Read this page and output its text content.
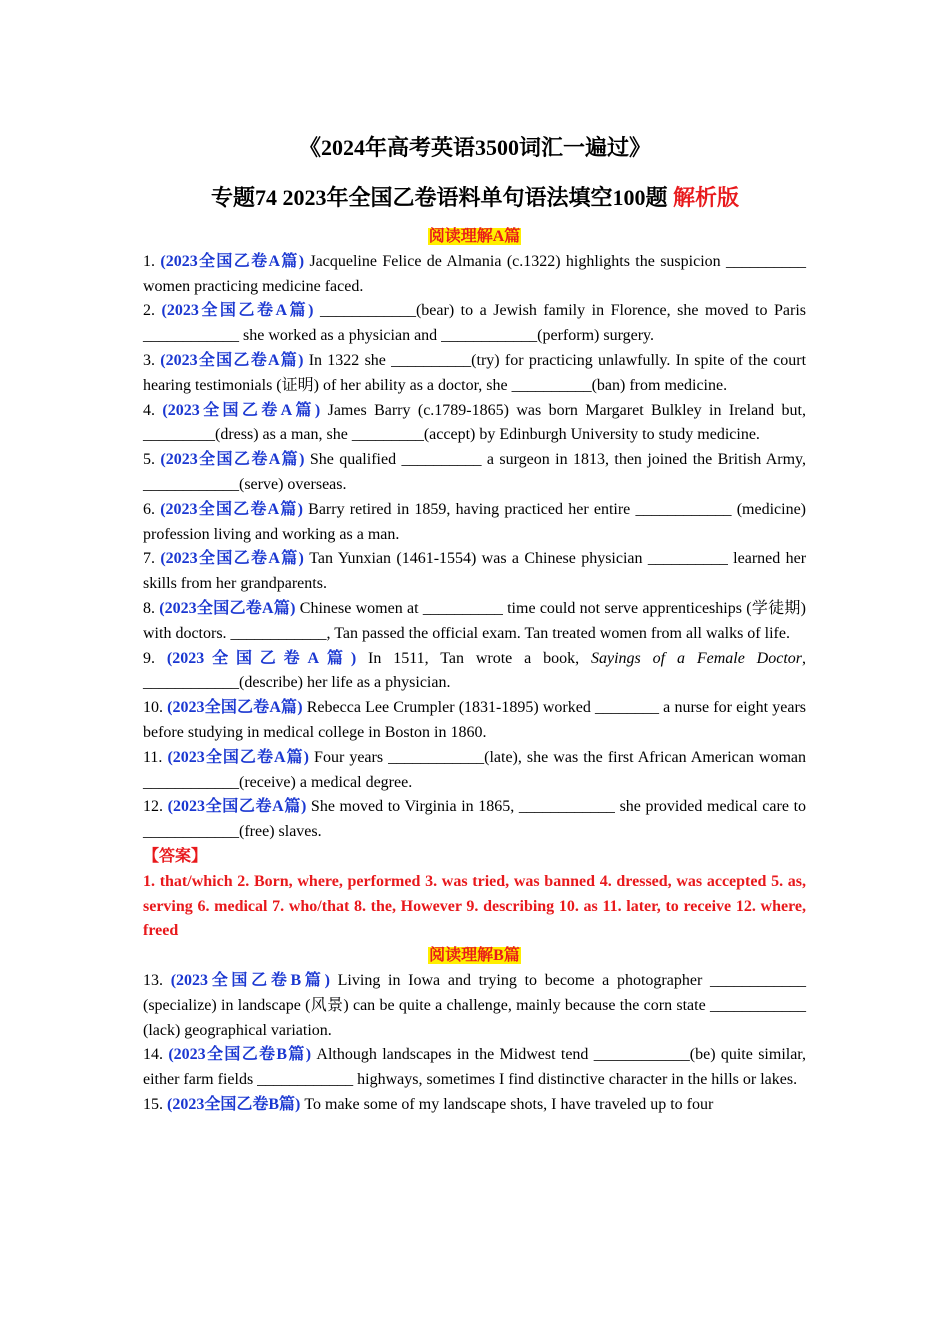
《2024年高考英语3500词汇一遍过》
专题74 2023年全国乙卷语料单句语法填空100题 解析版

阅读理解A篇

1. (2023全国乙卷A篇) Jacqueline Felice de Almania (c.1322) highlights the suspicion __________ women practicing medicine faced.

2. (2023全国乙卷A篇) ____________(bear) to a Jewish family in Florence, she moved to Paris ____________ she worked as a physician and ____________(perform) surgery.

3. (2023全国乙卷A篇) In 1322 she __________(try) for practicing unlawfully. In spite of the court hearing testimonials (证明) of her ability as a doctor, she __________(ban) from medicine.

4. (2023全国乙卷A篇) James Barry (c.1789-1865) was born Margaret Bulkley in Ireland but, _________(dress) as a man, she _________(accept) by Edinburgh University to study medicine.

5. (2023全国乙卷A篇) She qualified __________ a surgeon in 1813, then joined the British Army, ____________(serve) overseas.

6. (2023全国乙卷A篇) Barry retired in 1859, having practiced her entire ____________ (medicine) profession living and working as a man.

7. (2023全国乙卷A篇) Tan Yunxian (1461-1554) was a Chinese physician __________ learned her skills from her grandparents.

8. (2023全国乙卷A篇) Chinese women at __________ time could not serve apprenticeships (学徒期) with doctors. ____________, Tan passed the official exam. Tan treated women from all walks of life.

9. (2023全国乙卷A篇) In 1511, Tan wrote a book, Sayings of a Female Doctor, ____________(describe) her life as a physician.

10. (2023全国乙卷A篇) Rebecca Lee Crumpler (1831-1895) worked ________ a nurse for eight years before studying in medical college in Boston in 1860.

11. (2023全国乙卷A篇) Four years ____________(late), she was the first African American woman ____________(receive) a medical degree.

12. (2023全国乙卷A篇) She moved to Virginia in 1865, ____________ she provided medical care to ____________(free) slaves.

【答案】

1. that/which 2. Born, where, performed 3. was tried, was banned 4. dressed, was accepted 5. as, serving 6. medical 7. who/that 8. the, However 9. describing 10. as 11. later, to receive 12. where, freed

阅读理解B篇

13. (2023全国乙卷B篇) Living in Iowa and trying to become a photographer ____________ (specialize) in landscape (风景) can be quite a challenge, mainly because the corn state ____________ (lack) geographical variation.

14. (2023全国乙卷B篇) Although landscapes in the Midwest tend ____________(be) quite similar, either farm fields ____________ highways, sometimes I find distinctive character in the hills or lakes.

15. (2023全国乙卷B篇) To make some of my landscape shots, I have traveled up to four
